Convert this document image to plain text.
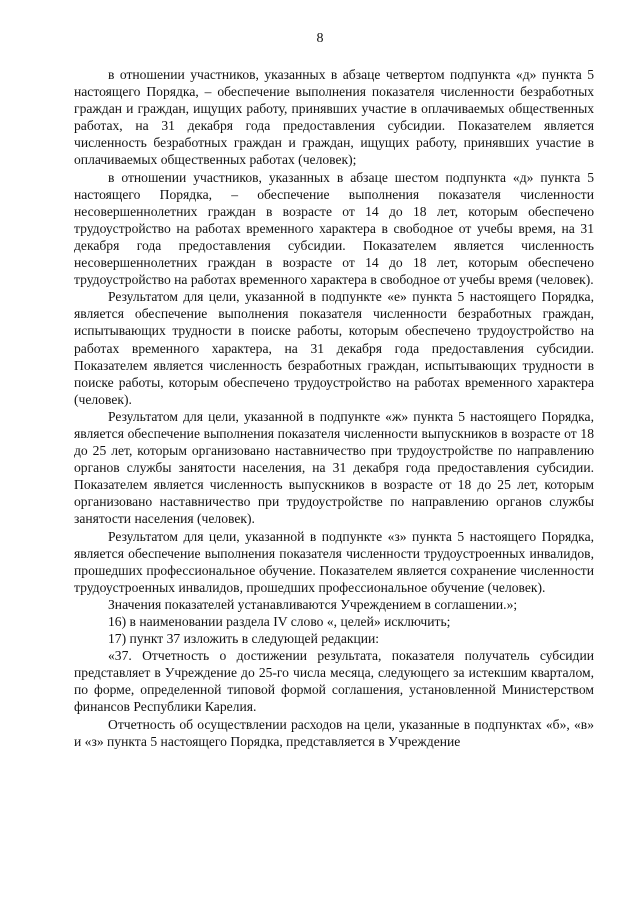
8

в отношении участников, указанных в абзаце четвертом подпункта «д» пункта 5 настоящего Порядка, – обеспечение выполнения показателя численности безработных граждан и граждан, ищущих работу, принявших участие в оплачиваемых общественных работах, на 31 декабря года предоставления субсидии. Показателем является численность безработных граждан и граждан, ищущих работу, принявших участие в оплачиваемых общественных работах (человек);

в отношении участников, указанных в абзаце шестом подпункта «д» пункта 5 настоящего Порядка, – обеспечение выполнения показателя численности несовершеннолетних граждан в возрасте от 14 до 18 лет, которым обеспечено трудоустройство на работах временного характера в свободное от учебы время, на 31 декабря года предоставления субсидии. Показателем является численность несовершеннолетних граждан в возрасте от 14 до 18 лет, которым обеспечено трудоустройство на работах временного характера в свободное от учебы время (человек).

Результатом для цели, указанной в подпункте «е» пункта 5 настоящего Порядка, является обеспечение выполнения показателя численности безработных граждан, испытывающих трудности в поиске работы, которым обеспечено трудоустройство на работах временного характера, на 31 декабря года предоставления субсидии. Показателем является численность безработных граждан, испытывающих трудности в поиске работы, которым обеспечено трудоустройство на работах временного характера (человек).

Результатом для цели, указанной в подпункте «ж» пункта 5 настоящего Порядка, является обеспечение выполнения показателя численности выпускников в возрасте от 18 до 25 лет, которым организовано наставничество при трудоустройстве по направлению органов службы занятости населения, на 31 декабря года предоставления субсидии. Показателем является численность выпускников в возрасте от 18 до 25 лет, которым организовано наставничество при трудоустройстве по направлению органов службы занятости населения (человек).

Результатом для цели, указанной в подпункте «з» пункта 5 настоящего Порядка, является обеспечение выполнения показателя численности трудоустроенных инвалидов, прошедших профессиональное обучение. Показателем является сохранение численности трудоустроенных инвалидов, прошедших профессиональное обучение (человек).

Значения показателей устанавливаются Учреждением в соглашении.»;

16) в наименовании раздела IV слово «, целей» исключить;

17) пункт 37 изложить в следующей редакции:

«37. Отчетность о достижении результата, показателя получатель субсидии представляет в Учреждение до 25-го числа месяца, следующего за истекшим кварталом, по форме, определенной типовой формой соглашения, установленной Министерством финансов Республики Карелия.

Отчетность об осуществлении расходов на цели, указанные в подпунктах «б», «в» и «з» пункта 5 настоящего Порядка, представляется в Учреждение
